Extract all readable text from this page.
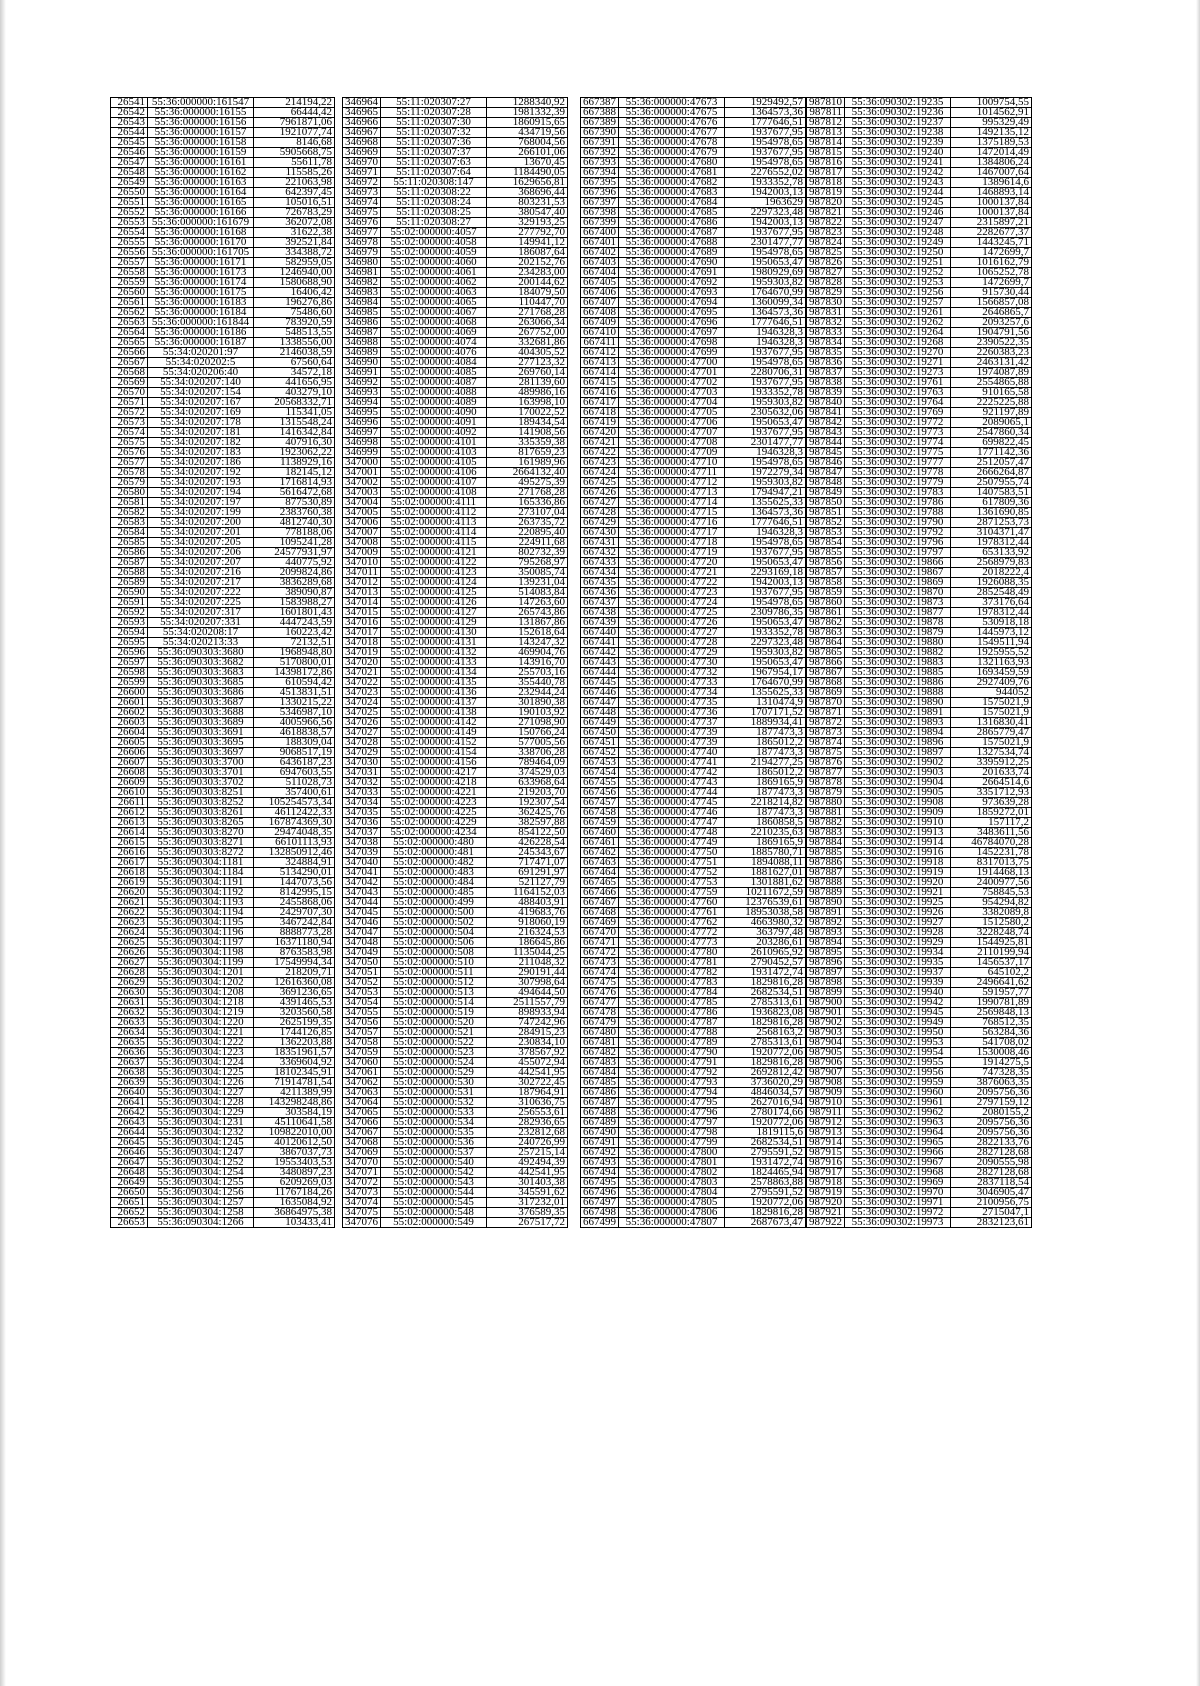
26541	55:36:000000:161547	214194,22
26542	55:36:000000:16155	66444,42
26543	55:36:000000:16156	7961871,06
26544	55:36:000000:16157	1921077,74
26545	55:36:000000:16158	8146,68
26546	55:36:000000:16159	5905668,75
26547	55:36:000000:16161	55611,78
26548	55:36:000000:16162	115585,26
26549	55:36:000000:16163	221063,98
26550	55:36:000000:16164	642397,45
26551	55:36:000000:16165	105016,51
26552	55:36:000000:16166	726783,29
26553	55:36:000000:161679	362072,08
26554	55:36:000000:16168	31622,38
26555	55:36:000000:16170	392521,84
26556	55:36:000000:161705	334388,72
26557	55:36:000000:16171	582959,05
26558	55:36:000000:16173	1246940,00
26559	55:36:000000:16174	1580688,90
26560	55:36:000000:16175	16406,42
26561	55:36:000000:16183	196276,86
26562	55:36:000000:16184	75486,60
26563	55:36:000000:161844	783920,59
26564	55:36:000000:16186	548513,55
26565	55:36:000000:16187	1338556,00
26566	55:34:020201:97	2146038,59
26567	55:34:020202:5	67560,64
26568	55:34:020206:40	34572,18
26569	55:34:020207:140	441656,95
26570	55:34:020207:154	403279,10
26571	55:34:020207:167	20568332,71
26572	55:34:020207:169	115341,05
26573	55:34:020207:178	1315548,24
26574	55:34:020207:181	1416342,84
26575	55:34:020207:182	407916,30
26576	55:34:020207:183	1923062,22
26577	55:34:020207:186	1138929,16
26578	55:34:020207:192	182145,12
26579	55:34:020207:193	1716814,93
26580	55:34:020207:194	5616472,68
26581	55:34:020207:197	877530,89
26582	55:34:020207:199	2383760,38
26583	55:34:020207:200	4812740,30
26584	55:34:020207:201	778188,06
26585	55:34:020207:205	1095241,28
26586	55:34:020207:206	24577931,97
26587	55:34:020207:207	440775,92
26588	55:34:020207:216	2099824,86
26589	55:34:020207:217	3836289,68
26590	55:34:020207:222	389090,87
26591	55:34:020207:225	1583988,27
26592	55:34:020207:317	1601801,43
26593	55:34:020207:331	4447243,59
26594	55:34:020208:17	160223,42
26595	55:34:020213:33	72132,51
26596	55:36:090303:3680	1968948,80
26597	55:36:090303:3682	5170800,01
26598	55:36:090303:3683	14398172,86
26599	55:36:090303:3685	610594,42
26600	55:36:090303:3686	4513831,51
26601	55:36:090303:3687	1330215,22
26602	55:36:090303:3688	5346987,10
26603	55:36:090303:3689	4005966,56
26604	55:36:090303:3691	4618838,57
26605	55:36:090303:3695	188309,04
26606	55:36:090303:3697	9068517,19
26607	55:36:090303:3700	6436187,23
26608	55:36:090303:3701	6947603,55
26609	55:36:090303:3702	511028,73
26610	55:36:090303:8251	357400,61
26611	55:36:090303:8252	105254573,34
26612	55:36:090303:8261	46112422,33
26613	55:36:090303:8265	167874369,30
26614	55:36:090303:8270	29474048,35
26615	55:36:090303:8271	66101113,93
26616	55:36:090303:8272	132850912,46
26617	55:36:090304:1181	324884,91
26618	55:36:090304:1184	5134290,01
26619	55:36:090304:1191	1447073,56
26620	55:36:090304:1192	8142995,15
26621	55:36:090304:1193	2455868,06
26622	55:36:090304:1194	2429707,30
26623	55:36:090304:1195	3467242,84
26624	55:36:090304:1196	8888773,28
26625	55:36:090304:1197	16371180,94
26626	55:36:090304:1198	8763583,98
26627	55:36:090304:1199	17549994,34
26628	55:36:090304:1201	218209,71
26629	55:36:090304:1202	12616360,08
26630	55:36:090304:1208	3691236,65
26631	55:36:090304:1218	4391465,53
26632	55:36:090304:1219	3203560,58
26633	55:36:090304:1220	2625199,35
26634	55:36:090304:1221	1744126,85
26635	55:36:090304:1222	1362203,88
26636	55:36:090304:1223	18351961,57
26637	55:36:090304:1224	3369604,92
26638	55:36:090304:1225	18102345,91
26639	55:36:090304:1226	71914781,54
26640	55:36:090304:1227	4211389,99
26641	55:36:090304:1228	143298248,86
26642	55:36:090304:1229	303584,19
26643	55:36:090304:1231	45110641,58
26644	55:36:090304:1232	109822010,00
26645	55:36:090304:1245	40120612,50
26646	55:36:090304:1247	3867037,73
26647	55:36:090304:1252	19553403,53
26648	55:36:090304:1254	3480897,23
26649	55:36:090304:1255	6209269,03
26650	55:36:090304:1256	11767184,26
26651	55:36:090304:1257	1635084,92
26652	55:36:090304:1258	36864975,38
26653	55:36:090304:1266	103433,41
346964	55:11:020307:27	1288340,92
346965	55:11:020307:28	1981332,39
346966	55:11:020307:30	1860915,65
346967	55:11:020307:32	434719,56
346968	55:11:020307:36	768004,56
346969	55:11:020307:37	266101,06
346970	55:11:020307:63	13670,45
346971	55:11:020307:64	1184490,05
346972	55:11:020308:147	1629656,81
346973	55:11:020308:22	368696,44
346974	55:11:020308:24	803231,53
346975	55:11:020308:25	380547,40
346976	55:11:020308:27	329193,25
346977	55:02:000000:4057	277792,70
346978	55:02:000000:4058	149941,12
346979	55:02:000000:4059	186087,64
346980	55:02:000000:4060	202152,76
346981	55:02:000000:4061	234283,00
346982	55:02:000000:4062	200144,62
346983	55:02:000000:4063	184079,50
346984	55:02:000000:4065	110447,70
346985	55:02:000000:4067	271768,28
346986	55:02:000000:4068	263066,34
346987	55:02:000000:4069	267752,00
346988	55:02:000000:4074	332681,86
346989	55:02:000000:4076	404305,52
346990	55:02:000000:4084	277123,32
346991	55:02:000000:4085	269760,14
346992	55:02:000000:4087	281139,60
346993	55:02:000000:4088	489986,16
346994	55:02:000000:4089	163998,10
346995	55:02:000000:4090	170022,52
346996	55:02:000000:4091	189434,54
346997	55:02:000000:4092	141908,56
346998	55:02:000000:4101	335359,38
346999	55:02:000000:4103	817659,23
347000	55:02:000000:4105	161989,96
347001	55:02:000000:4106	2664132,40
347002	55:02:000000:4107	495275,39
347003	55:02:000000:4108	271768,28
347004	55:02:000000:4111	165336,86
347005	55:02:000000:4112	273107,04
347006	55:02:000000:4113	263735,72
347007	55:02:000000:4114	220895,40
347008	55:02:000000:4115	224911,68
347009	55:02:000000:4121	802732,39
347010	55:02:000000:4122	795268,97
347011	55:02:000000:4123	350085,74
347012	55:02:000000:4124	139231,04
347013	55:02:000000:4125	514083,84
347014	55:02:000000:4126	147263,60
347015	55:02:000000:4127	265743,86
347016	55:02:000000:4129	131867,86
347017	55:02:000000:4130	152618,64
347018	55:02:000000:4131	143247,32
347019	55:02:000000:4132	469904,76
347020	55:02:000000:4133	143916,70
347021	55:02:000000:4134	255703,16
347022	55:02:000000:4135	355440,78
347023	55:02:000000:4136	232944,24
347024	55:02:000000:4137	301890,38
347025	55:02:000000:4138	190103,92
347026	55:02:000000:4142	271098,90
347027	55:02:000000:4149	150766,24
347028	55:02:000000:4152	577005,56
347029	55:02:000000:4154	338706,28
347030	55:02:000000:4156	789464,09
347031	55:02:000000:4217	374529,03
347032	55:02:000000:4218	633968,64
347033	55:02:000000:4221	219203,70
347034	55:02:000000:4223	192307,54
347035	55:02:000000:4225	362425,76
347036	55:02:000000:4229	382597,88
347037	55:02:000000:4234	854122,50
347038	55:02:000000:480	426228,54
347039	55:02:000000:481	245343,67
347040	55:02:000000:482	717471,07
347041	55:02:000000:483	691291,97
347042	55:02:000000:484	521127,79
347043	55:02:000000:485	1164152,03
347044	55:02:000000:499	488403,91
347045	55:02:000000:500	419683,76
347046	55:02:000000:502	918060,19
347047	55:02:000000:504	216324,53
347048	55:02:000000:506	186645,86
347049	55:02:000000:508	1135044,25
347050	55:02:000000:510	211048,32
347051	55:02:000000:511	290191,44
347052	55:02:000000:512	307998,64
347053	55:02:000000:513	494644,50
347054	55:02:000000:514	2511557,79
347055	55:02:000000:519	898933,94
347056	55:02:000000:520	747242,96
347057	55:02:000000:521	284915,23
347058	55:02:000000:522	230834,10
347059	55:02:000000:523	378567,92
347060	55:02:000000:524	455072,94
347061	55:02:000000:529	442541,95
347062	55:02:000000:530	302722,45
347063	55:02:000000:531	187964,91
347064	55:02:000000:532	310636,75
347065	55:02:000000:533	256553,61
347066	55:02:000000:534	282936,65
347067	55:02:000000:535	232812,68
347068	55:02:000000:536	240726,99
347069	55:02:000000:537	257215,14
347070	55:02:000000:540	492494,39
347071	55:02:000000:542	442541,95
347072	55:02:000000:543	301403,38
347073	55:02:000000:544	345591,62
347074	55:02:000000:545	317232,01
347075	55:02:000000:548	376589,35
347076	55:02:000000:549	267517,72
667387	55:36:000000:47673	1929492,57
667388	55:36:000000:47675	1364573,36
667389	55:36:000000:47676	1777646,51
667390	55:36:000000:47677	1937677,95
667391	55:36:000000:47678	1954978,65
667392	55:36:000000:47679	1937677,95
667393	55:36:000000:47680	1954978,65
667394	55:36:000000:47681	2276552,02
667395	55:36:000000:47682	1933352,78
667396	55:36:000000:47683	1942003,13
667397	55:36:000000:47684	1963629
667398	55:36:000000:47685	2297323,48
667399	55:36:000000:47686	1942003,13
667400	55:36:000000:47687	1937677,95
667401	55:36:000000:47688	2301477,77
667402	55:36:000000:47689	1954978,65
667403	55:36:000000:47690	1950653,47
667404	55:36:000000:47691	1980929,69
667405	55:36:000000:47692	1959303,82
667406	55:36:000000:47693	1764670,99
667407	55:36:000000:47694	1360099,34
667408	55:36:000000:47695	1364573,36
667409	55:36:000000:47696	1777646,51
667410	55:36:000000:47697	1946328,3
667411	55:36:000000:47698	1946328,3
667412	55:36:000000:47699	1937677,95
667413	55:36:000000:47700	1954978,65
667414	55:36:000000:47701	2280706,31
667415	55:36:000000:47702	1937677,95
667416	55:36:000000:47703	1933352,78
667417	55:36:000000:47704	1959303,82
667418	55:36:000000:47705	2305632,06
667419	55:36:000000:47706	1950653,47
667420	55:36:000000:47707	1937677,95
667421	55:36:000000:47708	2301477,77
667422	55:36:000000:47709	1946328,3
667423	55:36:000000:47710	1954978,65
667424	55:36:000000:47711	1972279,34
667425	55:36:000000:47712	1959303,82
667426	55:36:000000:47713	1794947,21
667427	55:36:000000:47714	1355625,33
667428	55:36:000000:47715	1364573,36
667429	55:36:000000:47716	1777646,51
667430	55:36:000000:47717	1946328,3
667431	55:36:000000:47718	1954978,65
667432	55:36:000000:47719	1937677,95
667433	55:36:000000:47720	1950653,47
667434	55:36:000000:47721	2293169,18
667435	55:36:000000:47722	1942003,13
667436	55:36:000000:47723	1937677,95
667437	55:36:000000:47724	1954978,65
667438	55:36:000000:47725	2309786,35
667439	55:36:000000:47726	1950653,47
667440	55:36:000000:47727	1933352,78
667441	55:36:000000:47728	2297323,48
667442	55:36:000000:47729	1959303,82
667443	55:36:000000:47730	1950653,47
667444	55:36:000000:47732	1967954,17
667445	55:36:000000:47733	1764670,99
667446	55:36:000000:47734	1355625,33
667447	55:36:000000:47735	1310474,9
667448	55:36:000000:47736	1707171,52
667449	55:36:000000:47737	1889934,41
667450	55:36:000000:47739	1877473,3
667451	55:36:000000:47739	1865012,2
667452	55:36:000000:47740	1877473,3
667453	55:36:000000:47741	2194277,25
667454	55:36:000000:47742	1865012,2
667455	55:36:000000:47743	1869165,9
667456	55:36:000000:47744	1877473,3
667457	55:36:000000:47745	2218214,82
667458	55:36:000000:47746	1877473,3
667459	55:36:000000:47747	1860858,5
667460	55:36:000000:47748	2210235,63
667461	55:36:000000:47749	1869165,9
667462	55:36:000000:47750	1885780,71
667463	55:36:000000:47751	1894088,11
667464	55:36:000000:47752	1881627,01
667465	55:36:000000:47753	1301881,62
667466	55:36:000000:47759	10211672,59
667467	55:36:000000:47760	12376539,61
667468	55:36:000000:47761	18953038,58
667469	55:36:000000:47762	4663980,32
667470	55:36:000000:47772	363797,48
667471	55:36:000000:47773	203286,61
667472	55:36:000000:47780	2610965,92
667473	55:36:000000:47781	2790452,57
667474	55:36:000000:47782	1931472,74
667475	55:36:000000:47783	1829816,28
667476	55:36:000000:47784	2682534,51
667477	55:36:000000:47785	2785313,61
667478	55:36:000000:47786	1936823,08
667479	55:36:000000:47787	1829816,28
667480	55:36:000000:47788	2568163,2
667481	55:36:000000:47789	2785313,61
667482	55:36:000000:47790	1920772,06
667483	55:36:000000:47791	1829816,28
667484	55:36:000000:47792	2692812,42
667485	55:36:000000:47793	3736020,29
667486	55:36:000000:47794	4846034,57
667487	55:36:000000:47795	2627016,94
667488	55:36:000000:47796	2780174,66
667489	55:36:000000:47797	1920772,06
667490	55:36:000000:47798	1819115,6
667491	55:36:000000:47799	2682534,51
667492	55:36:000000:47800	2795591,52
667493	55:36:000000:47801	1931472,74
667494	55:36:000000:47802	1824465,94
667495	55:36:000000:47803	2578863,88
667496	55:36:000000:47804	2795591,52
667497	55:36:000000:47805	1920772,06
667498	55:36:000000:47806	1829816,28
667499	55:36:000000:47807	2687673,47
987810	55:36:090302:19235	1009754,55
987811	55:36:090302:19236	1014562,91
987812	55:36:090302:19237	995329,49
987813	55:36:090302:19238	1492135,12
987814	55:36:090302:19239	1375189,53
987815	55:36:090302:19240	1472014,49
987816	55:36:090302:19241	1384806,24
987817	55:36:090302:19242	1467007,64
987818	55:36:090302:19243	1389614,6
987819	55:36:090302:19244	1468893,14
987820	55:36:090302:19245	1000137,84
987821	55:36:090302:19246	1000137,84
987822	55:36:090302:19247	2315897,21
987823	55:36:090302:19248	2282677,37
987824	55:36:090302:19249	1443245,71
987825	55:36:090302:19250	1472699,7
987826	55:36:090302:19251	1016162,79
987827	55:36:090302:19252	1065252,78
987828	55:36:090302:19253	1472699,7
987829	55:36:090302:19256	915730,44
987830	55:36:090302:19257	1566857,08
987831	55:36:090302:19261	2646865,7
987832	55:36:090302:19262	2093257,6
987833	55:36:090302:19264	1904791,56
987834	55:36:090302:19268	2390522,35
987835	55:36:090302:19270	2260383,23
987836	55:36:090302:19271	2463131,42
987837	55:36:090302:19273	1974087,89
987838	55:36:090302:19761	2554865,88
987839	55:36:090302:19763	910165,58
987840	55:36:090302:19764	2225225,88
987841	55:36:090302:19769	921197,89
987842	55:36:090302:19772	2089065,1
987843	55:36:090302:19773	2547860,34
987844	55:36:090302:19774	699822,45
987845	55:36:090302:19775	1771142,36
987846	55:36:090302:19777	2512057,47
987847	55:36:090302:19778	2666264,87
987848	55:36:090302:19779	2507955,74
987849	55:36:090302:19783	1407583,51
987850	55:36:090302:19786	617809,36
987851	55:36:090302:19788	1361690,85
987852	55:36:090302:19790	2871253,73
987853	55:36:090302:19792	3104371,47
987854	55:36:090302:19796	1978312,44
987855	55:36:090302:19797	653133,92
987856	55:36:090302:19866	2568979,83
987857	55:36:090302:19867	2018222,4
987858	55:36:090302:19869	1926088,35
987859	55:36:090302:19870	2852548,49
987860	55:36:090302:19873	373176,64
987861	55:36:090302:19877	1978312,44
987862	55:36:090302:19878	530918,18
987863	55:36:090302:19879	1445973,12
987864	55:36:090302:19880	1549511,94
987865	55:36:090302:19882	1925955,52
987866	55:36:090302:19883	1321163,93
987867	55:36:090302:19885	1693459,59
987868	55:36:090302:19886	2927409,76
987869	55:36:090302:19888	944052
987870	55:36:090302:19890	1575021,9
987871	55:36:090302:19891	1575021,9
987872	55:36:090302:19893	1316830,41
987873	55:36:090302:19894	2865779,47
987874	55:36:090302:19896	1575021,9
987875	55:36:090302:19897	1327534,74
987876	55:36:090302:19902	3395912,25
987877	55:36:090302:19903	201633,74
987878	55:36:090302:19904	2664514,6
987879	55:36:090302:19905	3351712,93
987880	55:36:090302:19908	973639,28
987881	55:36:090302:19909	1859272,01
987882	55:36:090302:19910	157117,2
987883	55:36:090302:19913	3483611,56
987884	55:36:090302:19914	46784070,28
987885	55:36:090302:19916	1452231,78
987886	55:36:090302:19918	8317013,75
987887	55:36:090302:19919	1914468,13
987888	55:36:090302:19920	2400977,56
987889	55:36:090302:19921	758845,53
987890	55:36:090302:19925	954294,82
987891	55:36:090302:19926	3382089,8
987892	55:36:090302:19927	1512580,2
987893	55:36:090302:19928	3228248,74
987894	55:36:090302:19929	1544925,81
987895	55:36:090302:19934	2110199,94
987896	55:36:090302:19935	1456537,17
987897	55:36:090302:19937	645102,2
987898	55:36:090302:19939	2496641,62
987899	55:36:090302:19940	591957,77
987900	55:36:090302:19942	1990781,89
987901	55:36:090302:19945	2569848,13
987902	55:36:090302:19949	768512,35
987903	55:36:090302:19950	563284,36
987904	55:36:090302:19953	541708,02
987905	55:36:090302:19954	1530008,46
987906	55:36:090302:19955	1914275,5
987907	55:36:090302:19956	747328,35
987908	55:36:090302:19959	3876063,35
987909	55:36:090302:19960	2095756,36
987910	55:36:090302:19961	2797159,12
987911	55:36:090302:19962	2080155,2
987912	55:36:090302:19963	2095756,36
987913	55:36:090302:19964	2095756,36
987914	55:36:090302:19965	2822133,76
987915	55:36:090302:19966	2827128,68
987916	55:36:090302:19967	2090555,98
987917	55:36:090302:19968	2827128,68
987918	55:36:090302:19969	2837118,54
987919	55:36:090302:19970	3046905,47
987920	55:36:090302:19971	2100956,75
987921	55:36:090302:19972	2715047,1
987922	55:36:090302:19973	2832123,61
